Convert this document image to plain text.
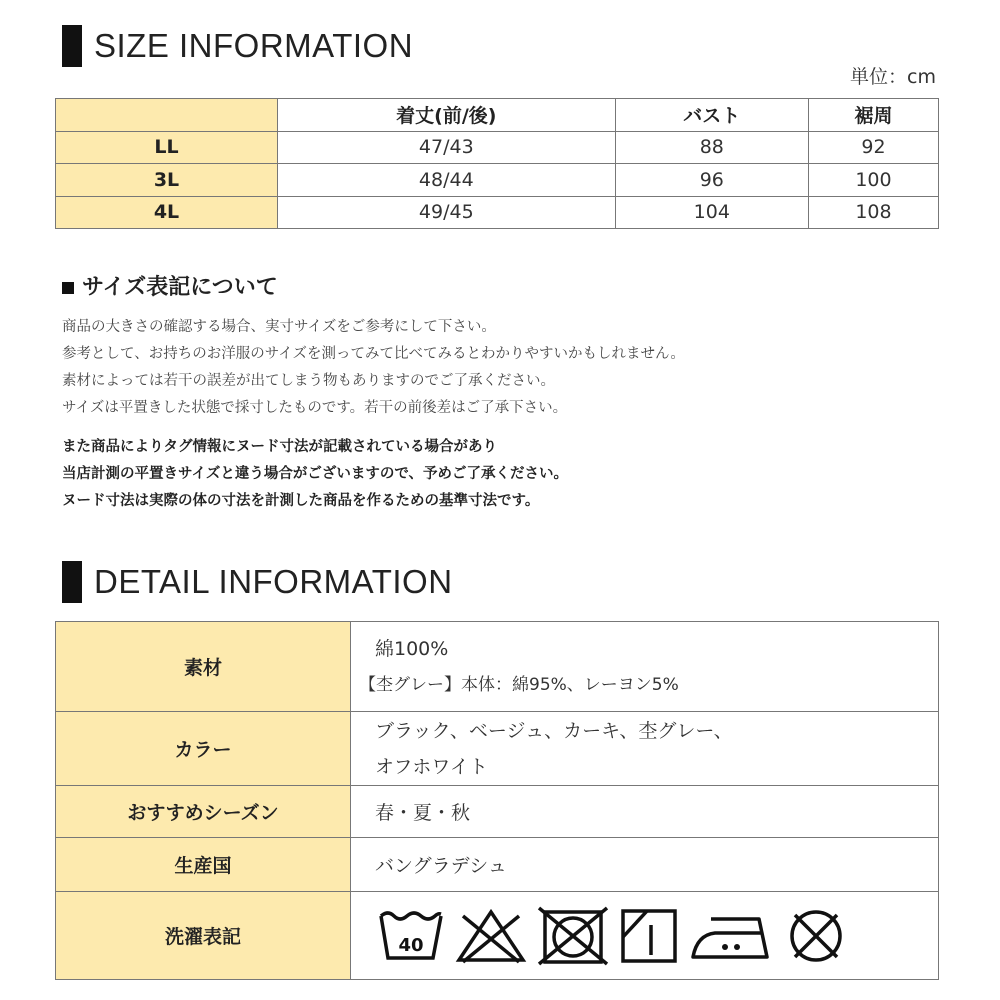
SIZE INFORMATION
単位：cm
	着丈(前/後)	バスト	裾周
LL	47/43	88	92
3L	48/44	96	100
4L	49/45	104	108
サイズ表記について
商品の大きさの確認する場合、実寸サイズをご参考にして下さい。
参考として、お持ちのお洋服のサイズを測ってみて比べてみるとわかりやすいかもしれません。
素材によっては若干の誤差が出てしまう物もありますのでご了承ください。
サイズは平置きした状態で採寸したものです。若干の前後差はご了承下さい。
また商品によりタグ情報にヌード寸法が記載されている場合があり
当店計測の平置きサイズと違う場合がございますので、予めご了承ください。
ヌード寸法は実際の体の寸法を計測した商品を作るための基準寸法です。
DETAIL INFORMATION
素材	綿100%
【杢グレー】本体：綿95%、レーヨン5%

カラー	ブラック、ベージュ、カーキ、杢グレー、
オフホワイト

おすすめシーズン	春・夏・秋
生産国	バングラデシュ
洗濯表記	40
